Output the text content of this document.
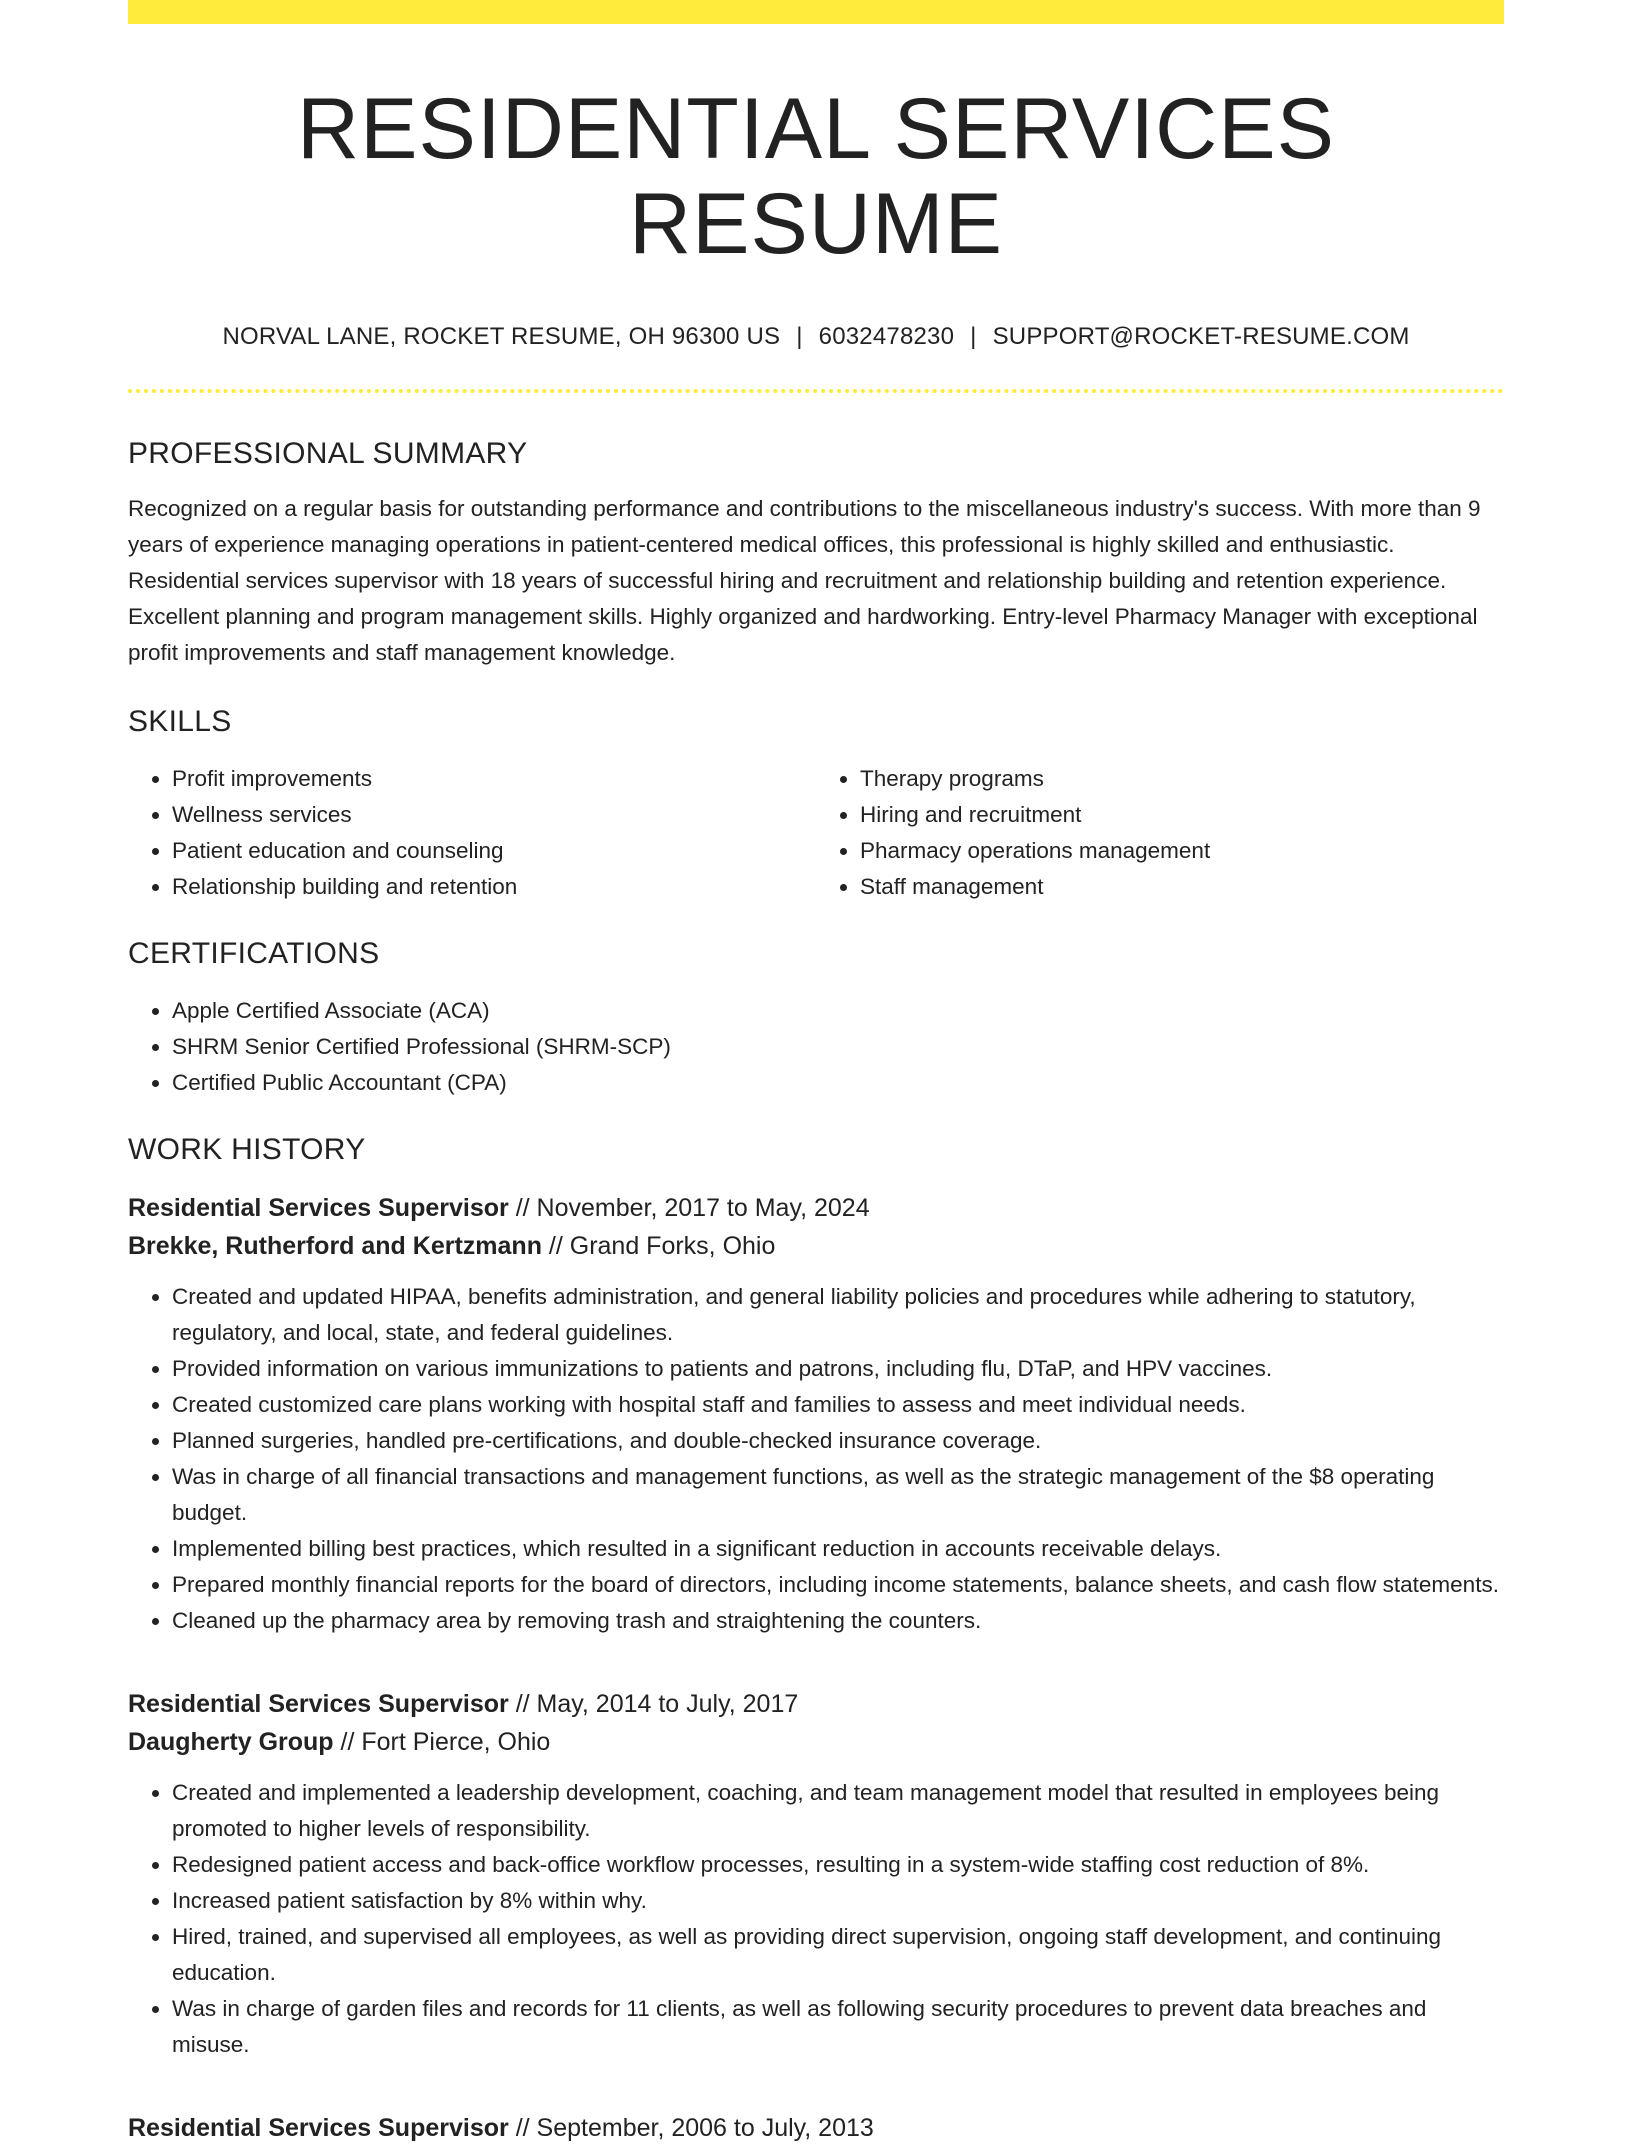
RESIDENTIAL SERVICES RESUME
NORVAL LANE, ROCKET RESUME, OH 96300 US | 6032478230 | SUPPORT@ROCKET-RESUME.COM
PROFESSIONAL SUMMARY

Recognized on a regular basis for outstanding performance and contributions to the miscellaneous industry's success. With more than 9 years of experience managing operations in patient-centered medical offices, this professional is highly skilled and enthusiastic. Residential services supervisor with 18 years of successful hiring and recruitment and relationship building and retention experience. Excellent planning and program management skills. Highly organized and hardworking. Entry-level Pharmacy Manager with exceptional profit improvements and staff management knowledge.

SKILLS
• Profit improvements
• Wellness services
• Patient education and counseling
• Relationship building and retention
• Therapy programs
• Hiring and recruitment
• Pharmacy operations management
• Staff management
CERTIFICATIONS
• Apple Certified Associate (ACA)
• SHRM Senior Certified Professional (SHRM-SCP)
• Certified Public Accountant (CPA)
WORK HISTORY
Residential Services Supervisor // November, 2017 to May, 2024
Brekke, Rutherford and Kertzmann // Grand Forks, Ohio
• Created and updated HIPAA, benefits administration, and general liability policies and procedures while adhering to statutory, regulatory, and local, state, and federal guidelines.
• Provided information on various immunizations to patients and patrons, including flu, DTaP, and HPV vaccines.
• Created customized care plans working with hospital staff and families to assess and meet individual needs.
• Planned surgeries, handled pre-certifications, and double-checked insurance coverage.
• Was in charge of all financial transactions and management functions, as well as the strategic management of the $8 operating budget.
• Implemented billing best practices, which resulted in a significant reduction in accounts receivable delays.
• Prepared monthly financial reports for the board of directors, including income statements, balance sheets, and cash flow statements.
• Cleaned up the pharmacy area by removing trash and straightening the counters.
Residential Services Supervisor // May, 2014 to July, 2017
Daugherty Group // Fort Pierce, Ohio
• Created and implemented a leadership development, coaching, and team management model that resulted in employees being promoted to higher levels of responsibility.
• Redesigned patient access and back-office workflow processes, resulting in a system-wide staffing cost reduction of 8%.
• Increased patient satisfaction by 8% within why.
• Hired, trained, and supervised all employees, as well as providing direct supervision, ongoing staff development, and continuing education.
• Was in charge of garden files and records for 11 clients, as well as following security procedures to prevent data breaches and misuse.
Residential Services Supervisor // September, 2006 to July, 2013
